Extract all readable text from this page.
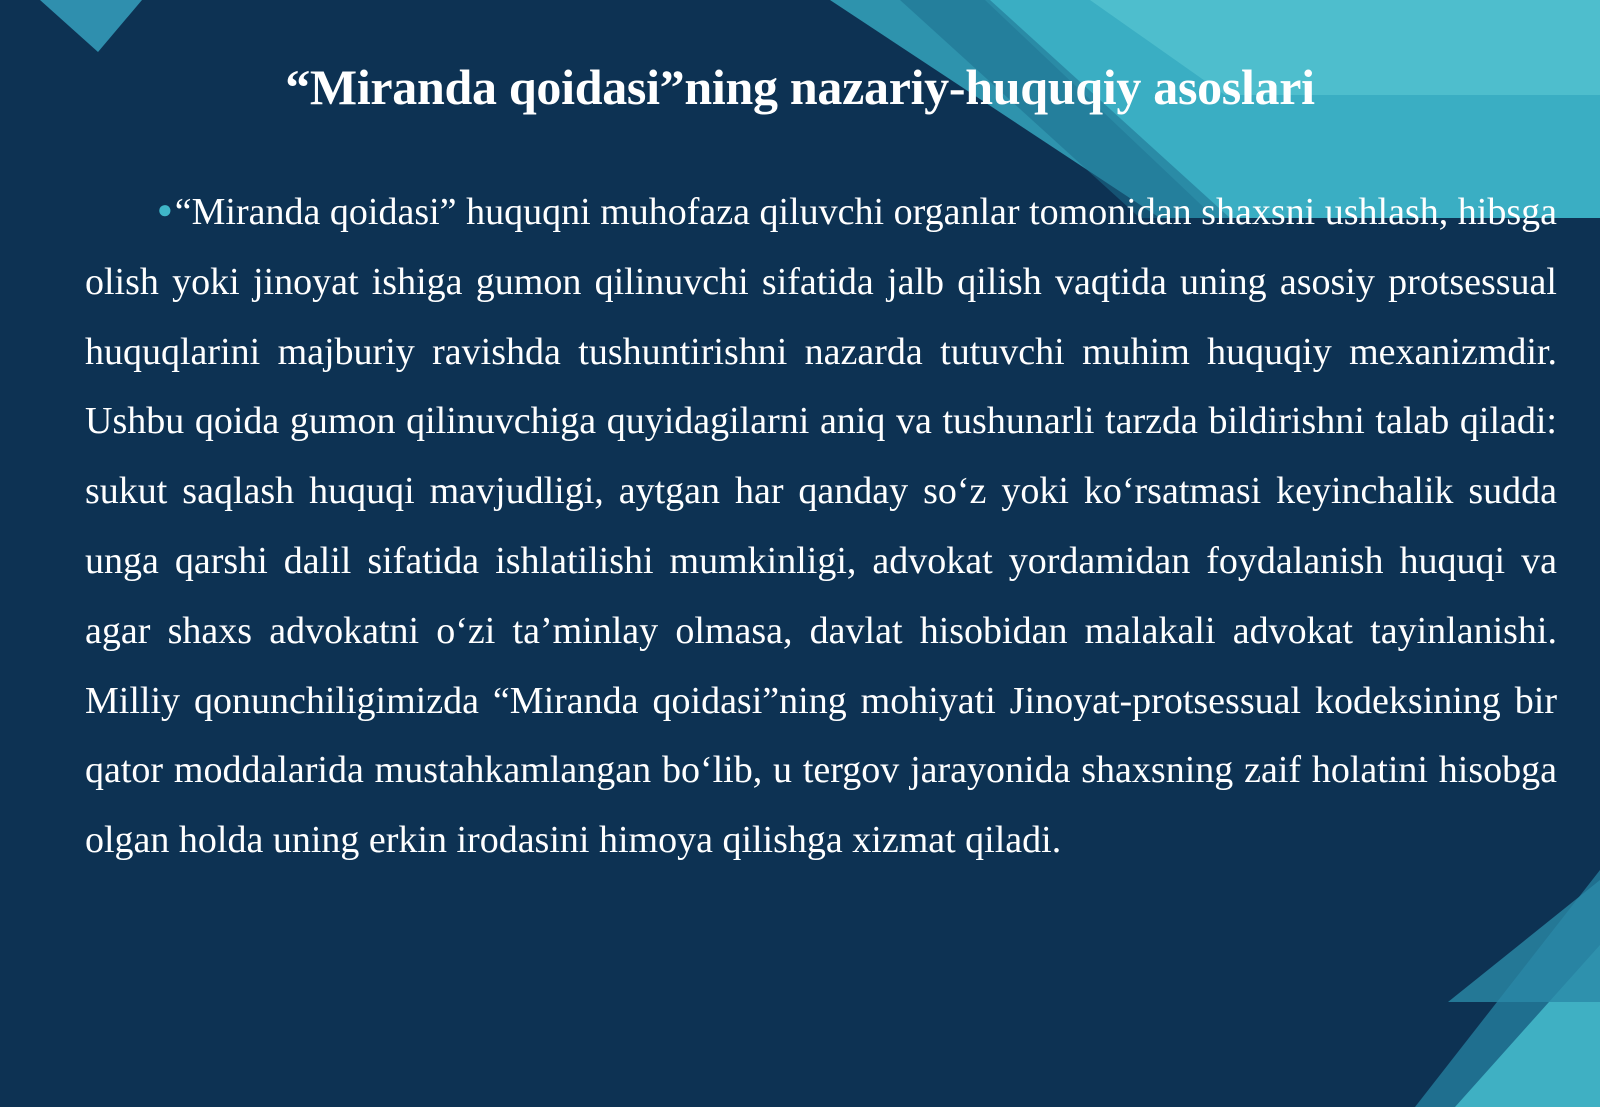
“Miranda qoidasi”ning nazariy-huquqiy asoslari

●“Miranda qoidasi” huquqni muhofaza qiluvchi organlar tomonidan shaxsni ushlash, hibsga olish yoki jinoyat ishiga gumon qilinuvchi sifatida jalb qilish vaqtida uning asosiy protsessual huquqlarini majburiy ravishda tushuntirishni nazarda tutuvchi muhim huquqiy mexanizmdir. Ushbu qoida gumon qilinuvchiga quyidagilarni aniq va tushunarli tarzda bildirishni talab qiladi: sukut saqlash huquqi mavjudligi, aytgan har qanday so‘z yoki ko‘rsatmasi keyinchalik sudda unga qarshi dalil sifatida ishlatilishi mumkinligi, advokat yordamidan foydalanish huquqi va agar shaxs advokatni o‘zi ta’minlay olmasa, davlat hisobidan malakali advokat tayinlanishi. Milliy qonunchiligimizda “Miranda qoidasi”ning mohiyati Jinoyat-protsessual kodeksining bir qator moddalarida mustahkamlangan bo‘lib, u tergov jarayonida shaxsning zaif holatini hisobga olgan holda uning erkin irodasini himoya qilishga xizmat qiladi.
